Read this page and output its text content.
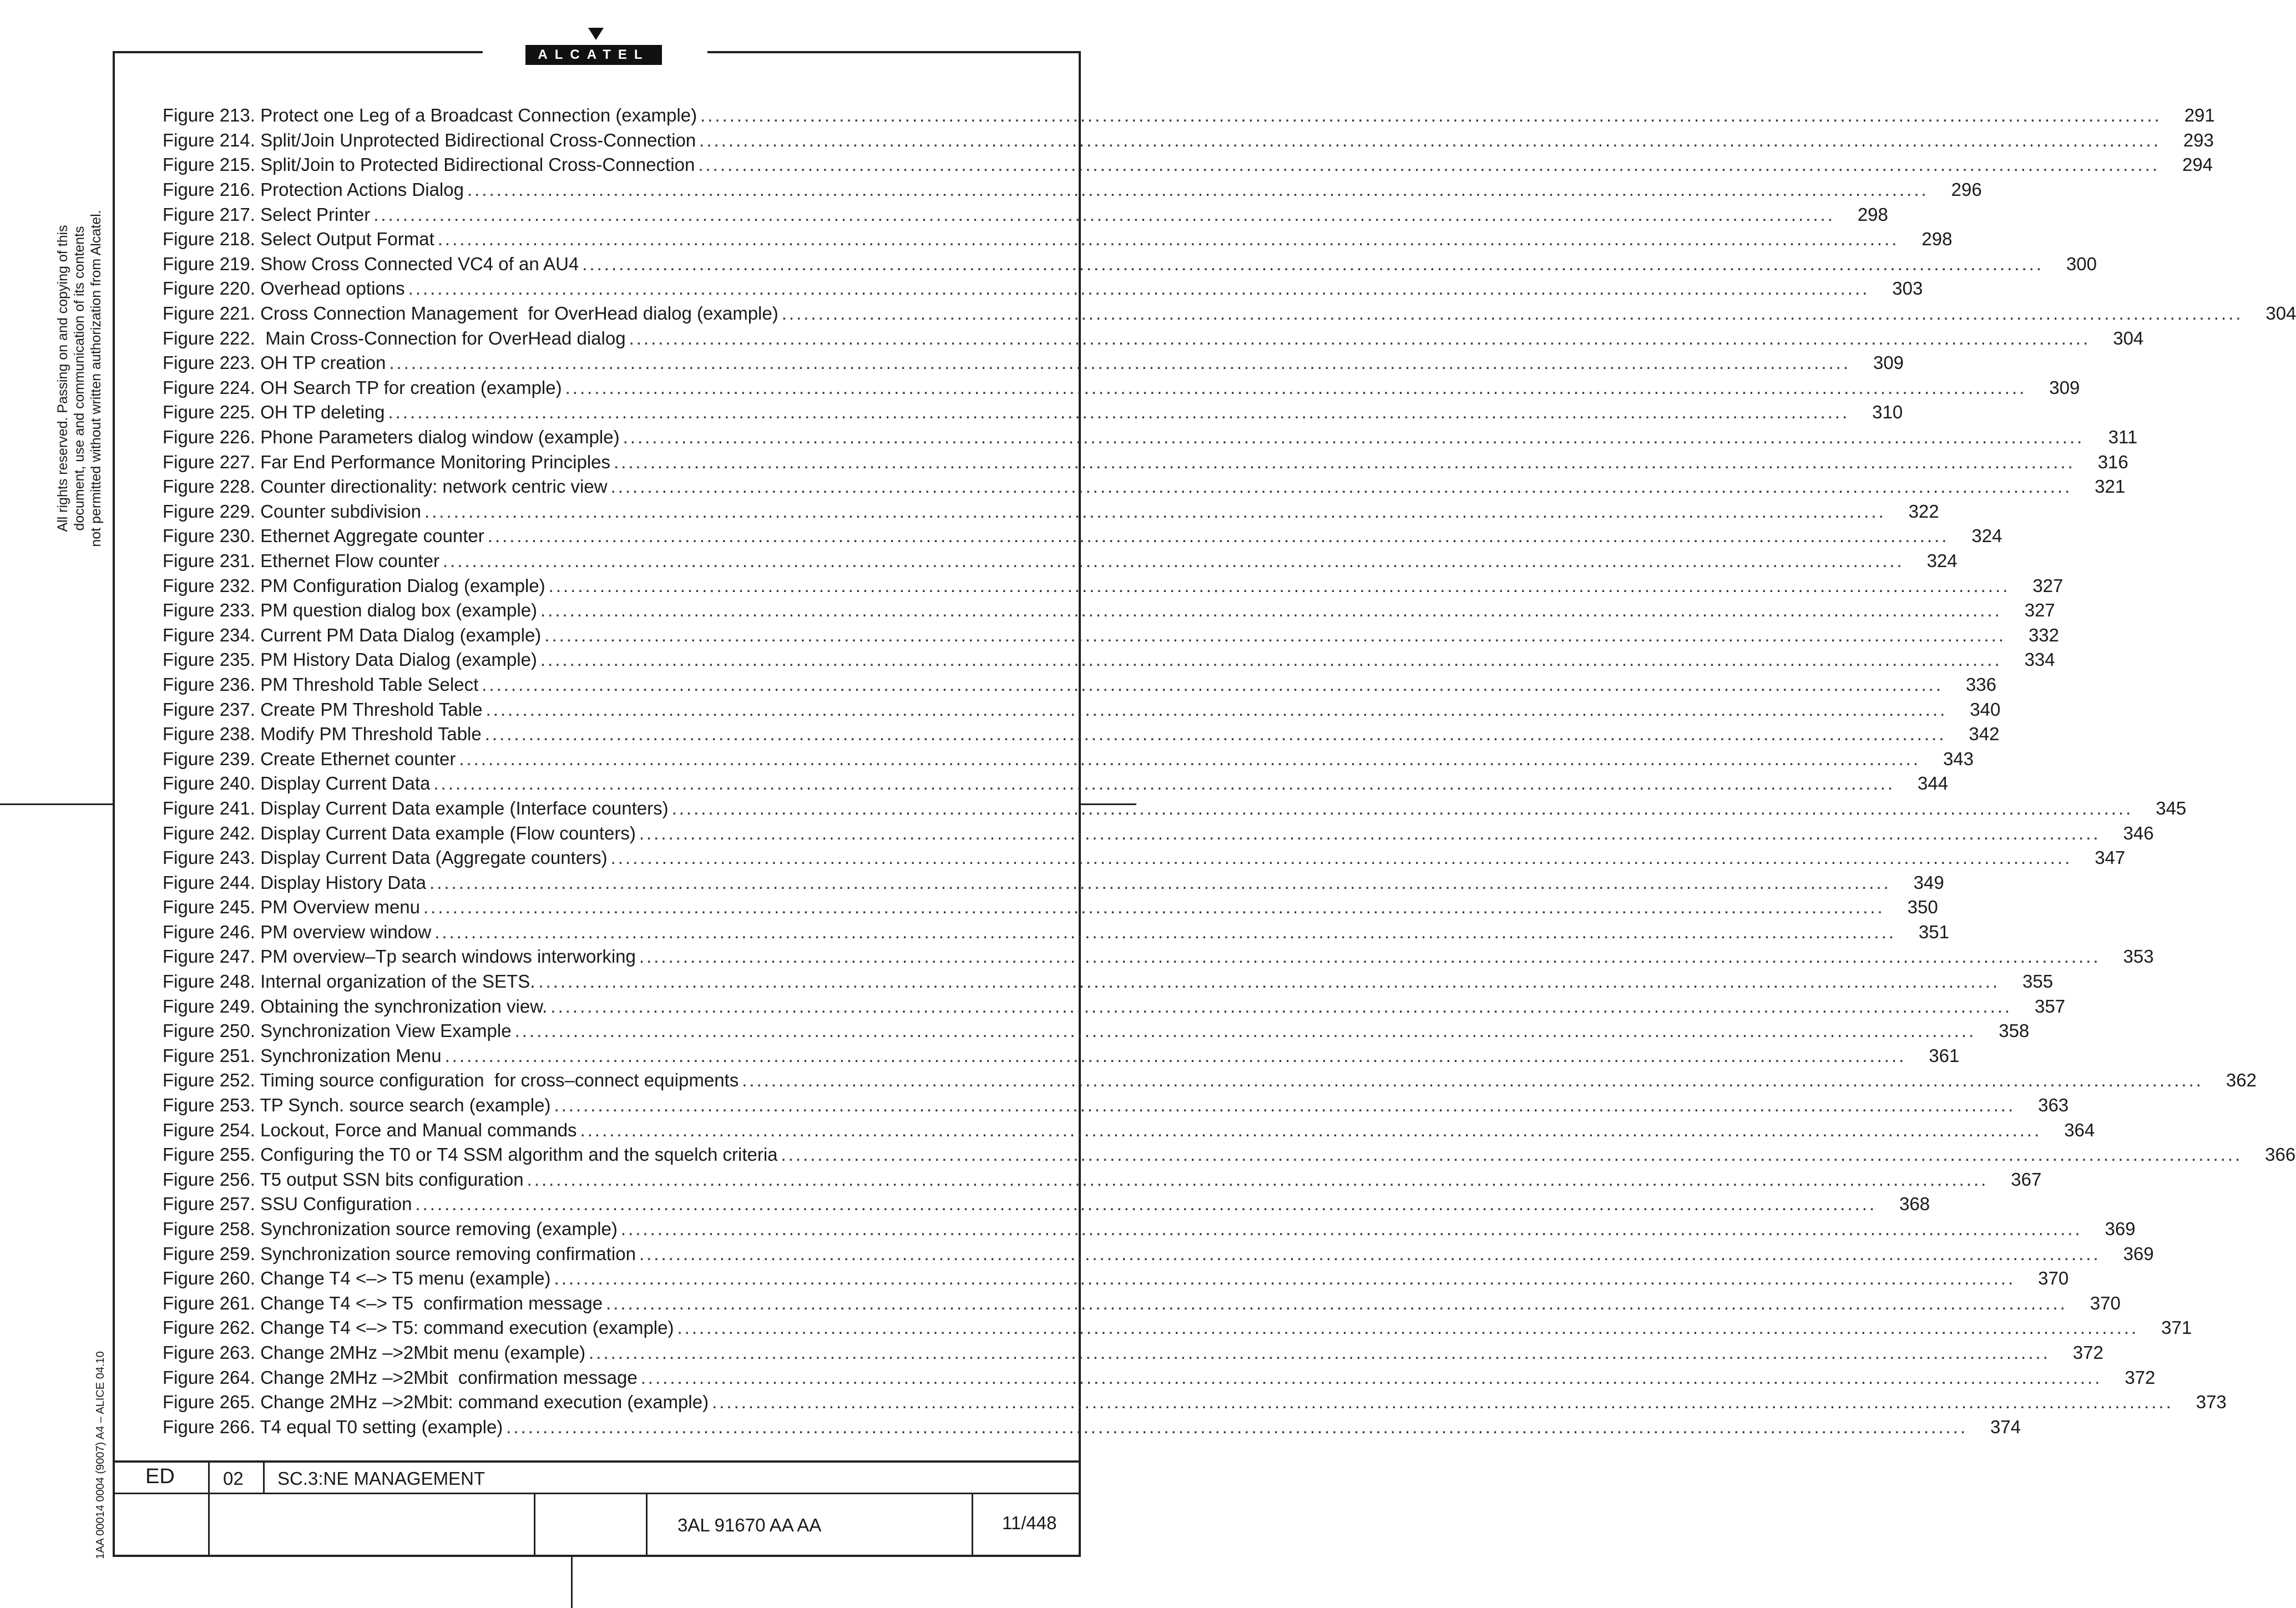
ALCATEL
All rights reserved. Passing on and copying of this document, use and communication of its contents not permitted without written authorization from Alcatel.
1AA 00014 0004 (9007) A4 – ALICE 04.10
Figure 213. Protect one Leg of a Broadcast Connection (example) ........................................................................................................................................................................................................	291
Figure 214. Split/Join Unprotected Bidirectional Cross-Connection ........................................................................................................................................................................................................	293
Figure 215. Split/Join to Protected Bidirectional Cross-Connection ........................................................................................................................................................................................................	294
Figure 216. Protection Actions Dialog ........................................................................................................................................................................................................	296
Figure 217. Select Printer ........................................................................................................................................................................................................	298
Figure 218. Select Output Format ........................................................................................................................................................................................................	298
Figure 219. Show Cross Connected VC4 of an AU4 ........................................................................................................................................................................................................	300
Figure 220. Overhead options ........................................................................................................................................................................................................	303
Figure 221. Cross Connection Management  for OverHead dialog (example) ........................................................................................................................................................................................................	304
Figure 222.  Main Cross-Connection for OverHead dialog ........................................................................................................................................................................................................	304
Figure 223. OH TP creation ........................................................................................................................................................................................................	309
Figure 224. OH Search TP for creation (example) ........................................................................................................................................................................................................	309
Figure 225. OH TP deleting ........................................................................................................................................................................................................	310
Figure 226. Phone Parameters dialog window (example) ........................................................................................................................................................................................................	311
Figure 227. Far End Performance Monitoring Principles ........................................................................................................................................................................................................	316
Figure 228. Counter directionality: network centric view ........................................................................................................................................................................................................	321
Figure 229. Counter subdivision ........................................................................................................................................................................................................	322
Figure 230. Ethernet Aggregate counter ........................................................................................................................................................................................................	324
Figure 231. Ethernet Flow counter ........................................................................................................................................................................................................	324
Figure 232. PM Configuration Dialog (example) ........................................................................................................................................................................................................	327
Figure 233. PM question dialog box (example) ........................................................................................................................................................................................................	327
Figure 234. Current PM Data Dialog (example) ........................................................................................................................................................................................................	332
Figure 235. PM History Data Dialog (example) ........................................................................................................................................................................................................	334
Figure 236. PM Threshold Table Select ........................................................................................................................................................................................................	336
Figure 237. Create PM Threshold Table ........................................................................................................................................................................................................	340
Figure 238. Modify PM Threshold Table ........................................................................................................................................................................................................	342
Figure 239. Create Ethernet counter ........................................................................................................................................................................................................	343
Figure 240. Display Current Data ........................................................................................................................................................................................................	344
Figure 241. Display Current Data example (Interface counters) ........................................................................................................................................................................................................	345
Figure 242. Display Current Data example (Flow counters) ........................................................................................................................................................................................................	346
Figure 243. Display Current Data (Aggregate counters) ........................................................................................................................................................................................................	347
Figure 244. Display History Data ........................................................................................................................................................................................................	349
Figure 245. PM Overview menu ........................................................................................................................................................................................................	350
Figure 246. PM overview window ........................................................................................................................................................................................................	351
Figure 247. PM overview–Tp search windows interworking ........................................................................................................................................................................................................	353
Figure 248. Internal organization of the SETS. ........................................................................................................................................................................................................	355
Figure 249. Obtaining the synchronization view. ........................................................................................................................................................................................................	357
Figure 250. Synchronization View Example ........................................................................................................................................................................................................	358
Figure 251. Synchronization Menu ........................................................................................................................................................................................................	361
Figure 252. Timing source configuration  for cross–connect equipments ........................................................................................................................................................................................................	362
Figure 253. TP Synch. source search (example) ........................................................................................................................................................................................................	363
Figure 254. Lockout, Force and Manual commands ........................................................................................................................................................................................................	364
Figure 255. Configuring the T0 or T4 SSM algorithm and the squelch criteria ........................................................................................................................................................................................................	366
Figure 256. T5 output SSN bits configuration ........................................................................................................................................................................................................	367
Figure 257. SSU Configuration ........................................................................................................................................................................................................	368
Figure 258. Synchronization source removing (example) ........................................................................................................................................................................................................	369
Figure 259. Synchronization source removing confirmation ........................................................................................................................................................................................................	369
Figure 260. Change T4 <–> T5 menu (example) ........................................................................................................................................................................................................	370
Figure 261. Change T4 <–> T5  confirmation message ........................................................................................................................................................................................................	370
Figure 262. Change T4 <–> T5: command execution (example) ........................................................................................................................................................................................................	371
Figure 263. Change 2MHz –>2Mbit menu (example) ........................................................................................................................................................................................................	372
Figure 264. Change 2MHz –>2Mbit  confirmation message ........................................................................................................................................................................................................	372
Figure 265. Change 2MHz –>2Mbit: command execution (example) ........................................................................................................................................................................................................	373
Figure 266. T4 equal T0 setting (example) ........................................................................................................................................................................................................	374
ED	02 SC.3:NE MANAGEMENT
3AL 91670 AA AA	11/448
